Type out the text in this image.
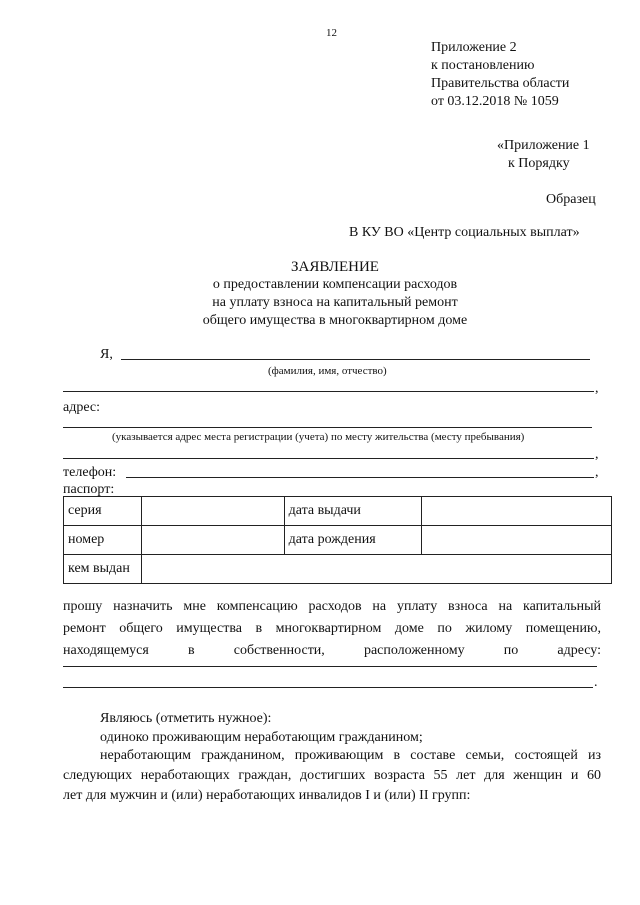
12
Приложение 2
к постановлению
Правительства области
от 03.12.2018 № 1059
«Приложение 1
к Порядку
Образец
В КУ ВО «Центр социальных выплат»
ЗАЯВЛЕНИЕ
о предоставлении компенсации расходов
на уплату взноса на капитальный ремонт
общего имущества в многоквартирном доме
Я,
(фамилия, имя, отчество)
,
адрес:
(указывается адрес места регистрации (учета) по месту жительства (месту пребывания)
,
телефон:	,
паспорт:
серия		дата выдачи	
номер		дата рождения	
кем выдан			
прошу назначить мне компенсацию расходов на уплату взноса на капитальный
ремонт общего имущества в многоквартирном доме по жилому помещению,
находящемуся в собственности, расположенному по адресу:
.
Являюсь (отметить нужное):
одиноко проживающим неработающим гражданином;
неработающим гражданином, проживающим в составе семьи, состоящей из
следующих неработающих граждан, достигших возраста 55 лет для женщин и 60
лет для мужчин и (или) неработающих инвалидов I и (или) II групп:
